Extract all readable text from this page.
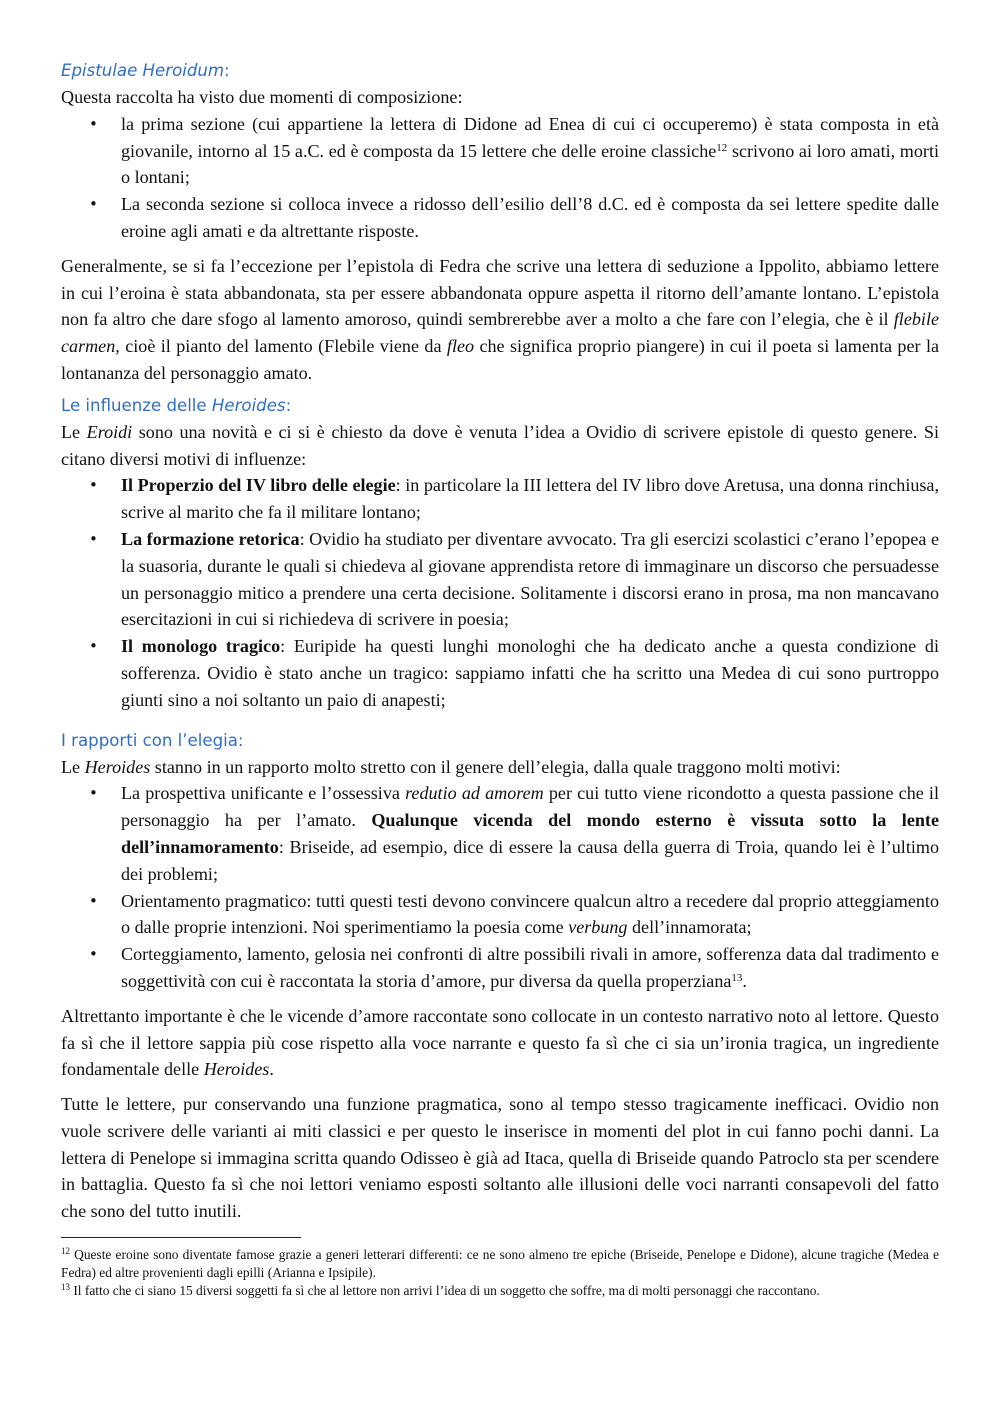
Epistulae Heroidum:

Questa raccolta ha visto due momenti di composizione:

• la prima sezione (cui appartiene la lettera di Didone ad Enea di cui ci occuperemo) è stata composta in età giovanile, intorno al 15 a.C. ed è composta da 15 lettere che delle eroine classiche$^{12}$ scrivono ai loro amati, morti o lontani;
• La seconda sezione si colloca invece a ridosso dell’esilio dell’8 d.C. ed è composta da sei lettere spedite dalle eroine agli amati e da altrettante risposte.

Generalmente, se si fa l’eccezione per l’epistola di Fedra che scrive una lettera di seduzione a Ippolito, abbiamo lettere in cui l’eroina è stata abbandonata, sta per essere abbandonata oppure aspetta il ritorno dell’amante lontano. L’epistola non fa altro che dare sfogo al lamento amoroso, quindi sembrerebbe aver a molto a che fare con l’elegia, che è il flebile carmen, cioè il pianto del lamento (Flebile viene da fleo che significa proprio piangere) in cui il poeta si lamenta per la lontananza del personaggio amato.

Le influenze delle Heroides:

Le Eroidi sono una novità e ci si è chiesto da dove è venuta l’idea a Ovidio di scrivere epistole di questo genere. Si citano diversi motivi di influenze:

• Il Properzio del IV libro delle elegie: in particolare la III lettera del IV libro dove Aretusa, una donna rinchiusa, scrive al marito che fa il militare lontano;
• La formazione retorica: Ovidio ha studiato per diventare avvocato. Tra gli esercizi scolastici c’erano l’epopea e la suasoria, durante le quali si chiedeva al giovane apprendista retore di immaginare un discorso che persuadesse un personaggio mitico a prendere una certa decisione. Solitamente i discorsi erano in prosa, ma non mancavano esercitazioni in cui si richiedeva di scrivere in poesia;
• Il monologo tragico: Euripide ha questi lunghi monologhi che ha dedicato anche a questa condizione di sofferenza. Ovidio è stato anche un tragico: sappiamo infatti che ha scritto una Medea di cui sono purtroppo giunti sino a noi soltanto un paio di anapesti;
I rapporti con l’elegia:

Le Heroides stanno in un rapporto molto stretto con il genere dell’elegia, dalla quale traggono molti motivi:

• La prospettiva unificante e l’ossessiva redutio ad amorem per cui tutto viene ricondotto a questa passione che il personaggio ha per l’amato. Qualunque vicenda del mondo esterno è vissuta sotto la lente dell’innamoramento: Briseide, ad esempio, dice di essere la causa della guerra di Troia, quando lei è l’ultimo dei problemi;
• Orientamento pragmatico: tutti questi testi devono convincere qualcun altro a recedere dal proprio atteggiamento o dalle proprie intenzioni. Noi sperimentiamo la poesia come verbung dell’innamorata;
• Corteggiamento, lamento, gelosia nei confronti di altre possibili rivali in amore, sofferenza data dal tradimento e soggettività con cui è raccontata la storia d’amore, pur diversa da quella properziana$^{13}$.

Altrettanto importante è che le vicende d’amore raccontate sono collocate in un contesto narrativo noto al lettore. Questo fa sì che il lettore sappia più cose rispetto alla voce narrante e questo fa sì che ci sia un’ironia tragica, un ingrediente fondamentale delle Heroides.

Tutte le lettere, pur conservando una funzione pragmatica, sono al tempo stesso tragicamente inefficaci. Ovidio non vuole scrivere delle varianti ai miti classici e per questo le inserisce in momenti del plot in cui fanno pochi danni. La lettera di Penelope si immagina scritta quando Odisseo è già ad Itaca, quella di Briseide quando Patroclo sta per scendere in battaglia. Questo fa sì che noi lettori veniamo esposti soltanto alle illusioni delle voci narranti consapevoli del fatto che sono del tutto inutili.

$^{12}$ Queste eroine sono diventate famose grazie a generi letterari differenti: ce ne sono almeno tre epiche (Briseide, Penelope e Didone), alcune tragiche (Medea e Fedra) ed altre provenienti dagli epilli (Arianna e Ipsipile).

$^{13}$ Il fatto che ci siano 15 diversi soggetti fa sì che al lettore non arrivi l’idea di un soggetto che soffre, ma di molti personaggi che raccontano.
